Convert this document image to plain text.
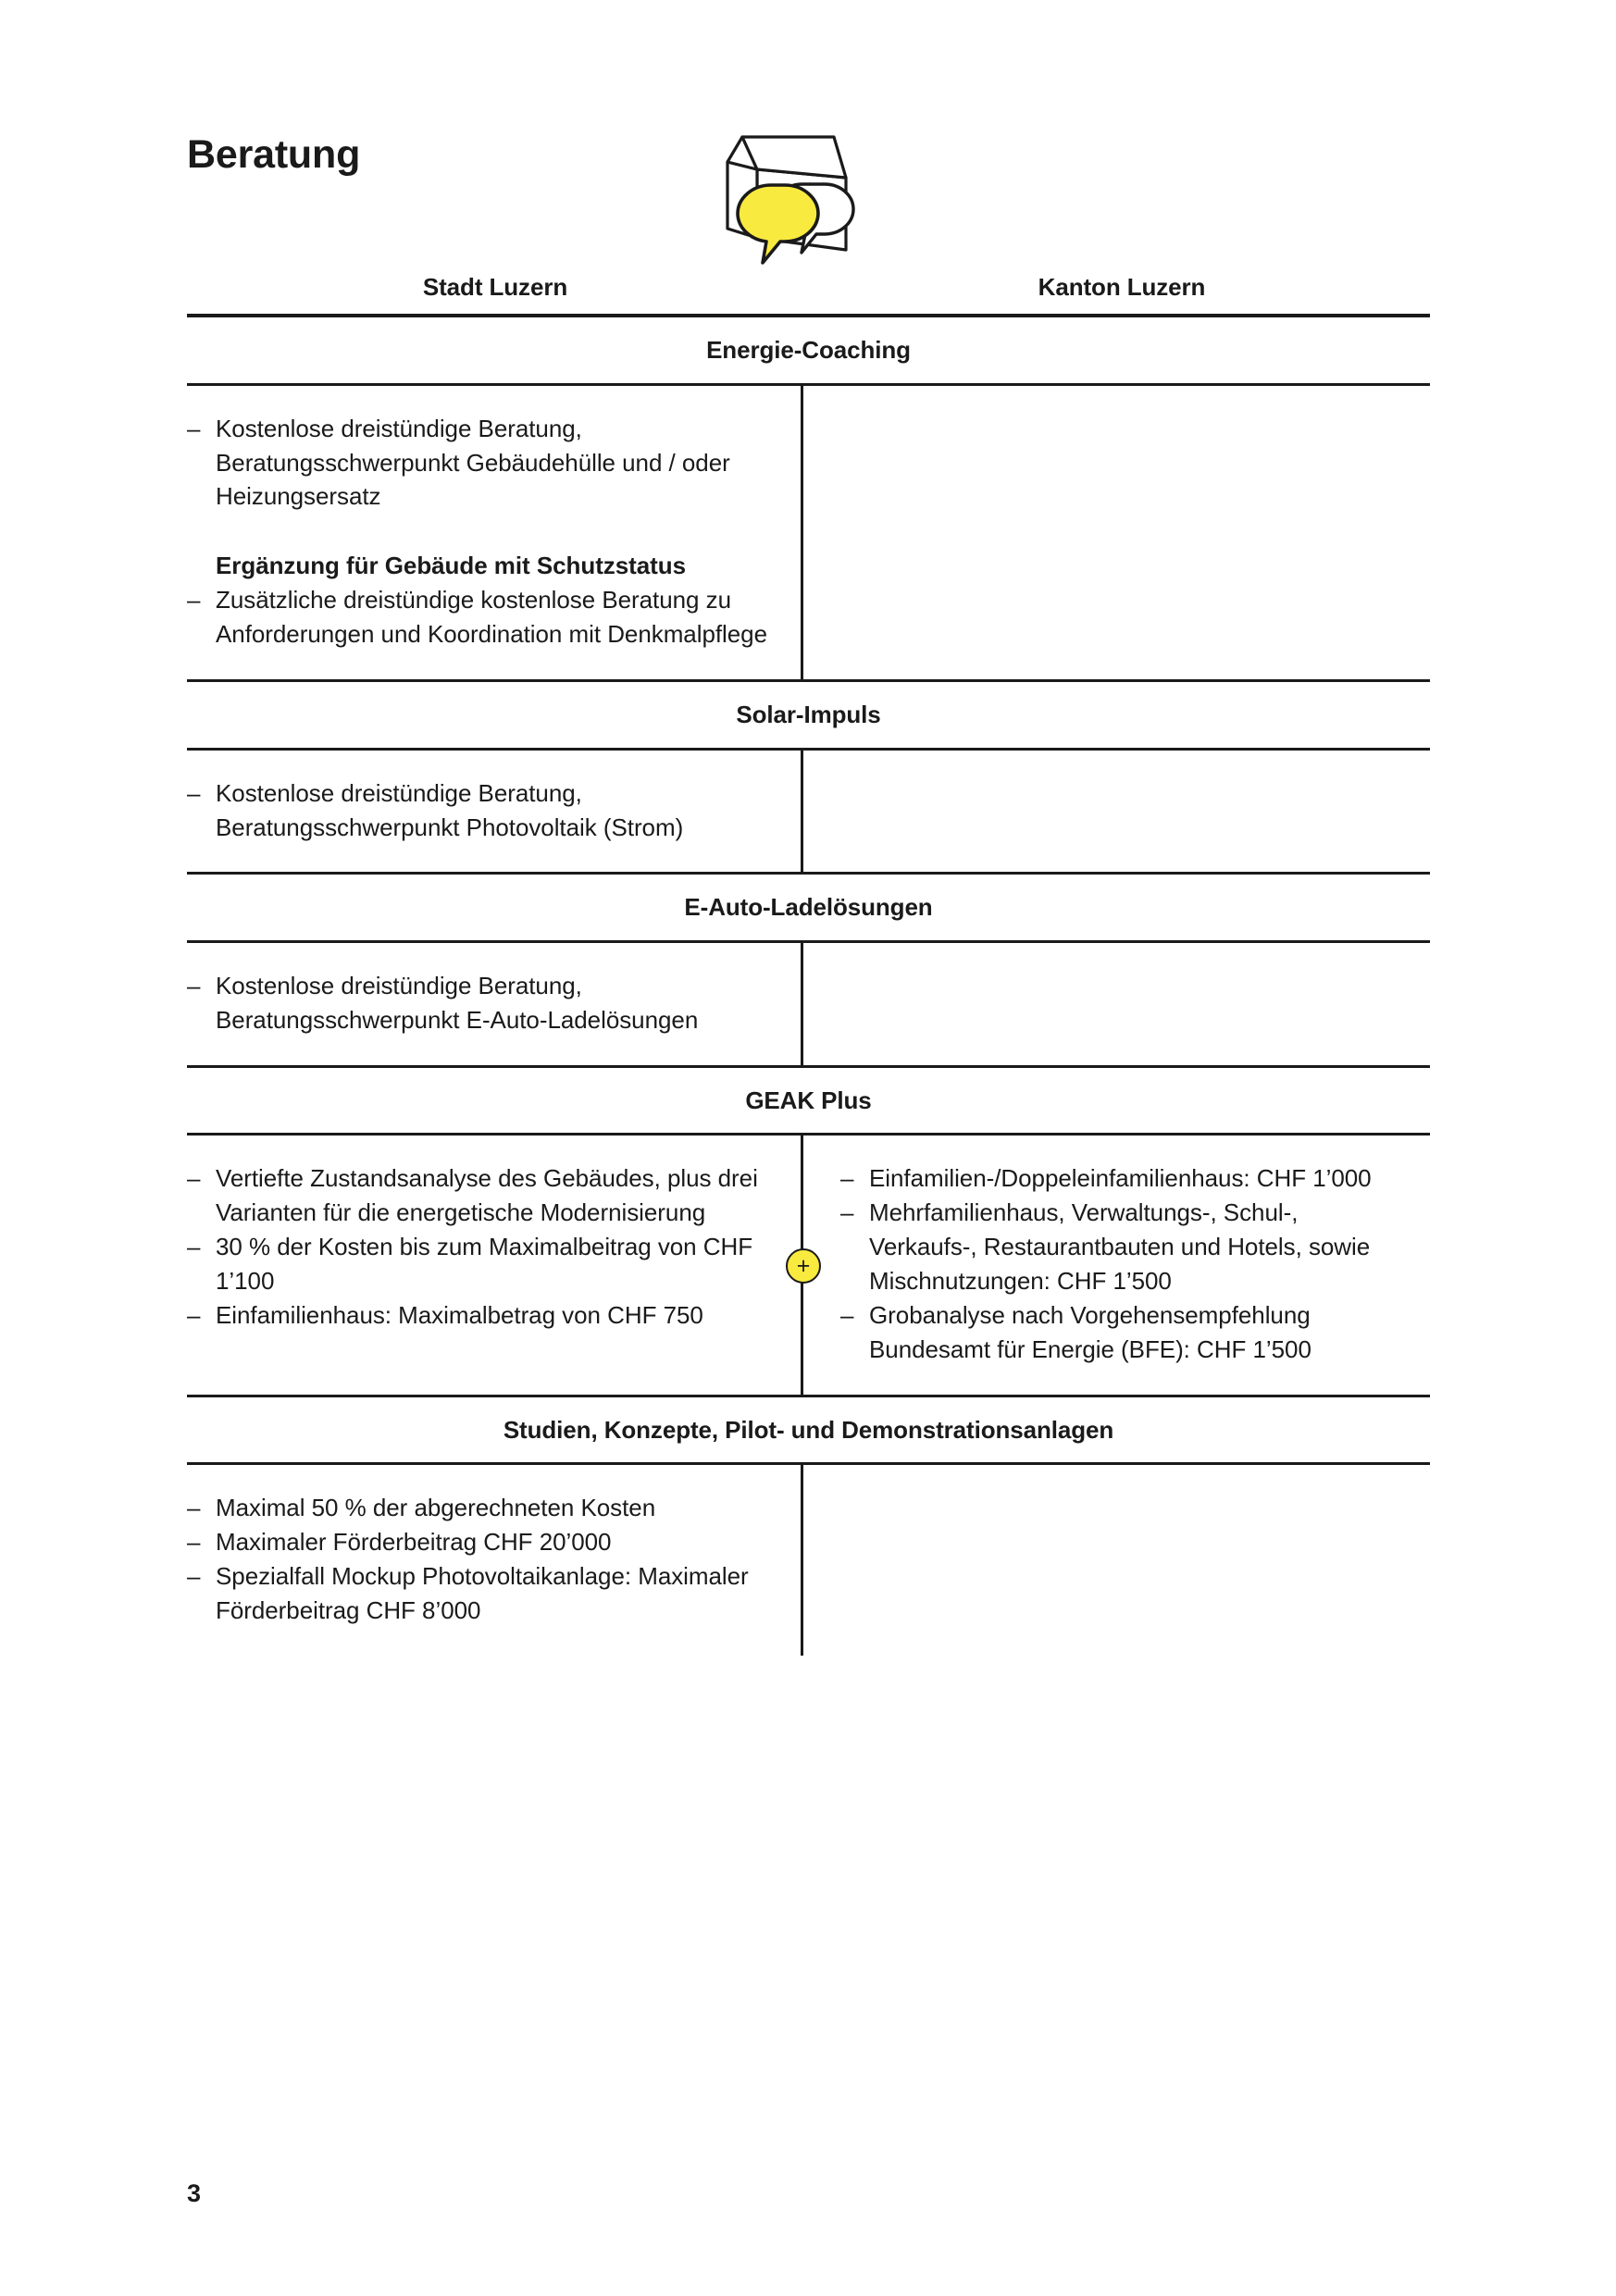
Beratung
Stadt Luzern	Kanton Luzern
Energie-Coaching
– Kostenlose dreistündige Beratung, Beratungsschwerpunkt Gebäudehülle und / oder Heizungsersatz
Ergänzung für Gebäude mit Schutzstatus
– Zusätzliche dreistündige kostenlose Beratung zu Anforderungen und Koordination mit Denkmalpflege
Solar-Impuls
– Kostenlose dreistündige Beratung, Beratungsschwerpunkt Photovoltaik (Strom)
E-Auto-Ladelösungen
– Kostenlose dreistündige Beratung, Beratungsschwerpunkt E-Auto-Ladelösungen
GEAK Plus
+
– Vertiefte Zustandsanalyse des Gebäudes, plus drei Varianten für die energetische Modernisierung
– 30 % der Kosten bis zum Maximalbeitrag von CHF 1’100
– Einfamilienhaus: Maximalbetrag von CHF 750
– Einfamilien-/Doppeleinfamilienhaus: CHF 1’000
– Mehrfamilienhaus, Verwaltungs-, Schul-, Verkaufs-, Restaurantbauten und Hotels, sowie Mischnutzungen: CHF 1’500
– Grobanalyse nach Vorgehensempfehlung Bundesamt für Energie (BFE): CHF 1’500
Studien, Konzepte, Pilot- und Demonstrationsanlagen
– Maximal 50 % der abgerechneten Kosten
– Maximaler Förderbeitrag CHF 20’000
– Spezialfall Mockup Photovoltaikanlage: Maximaler Förderbeitrag CHF 8’000
3
